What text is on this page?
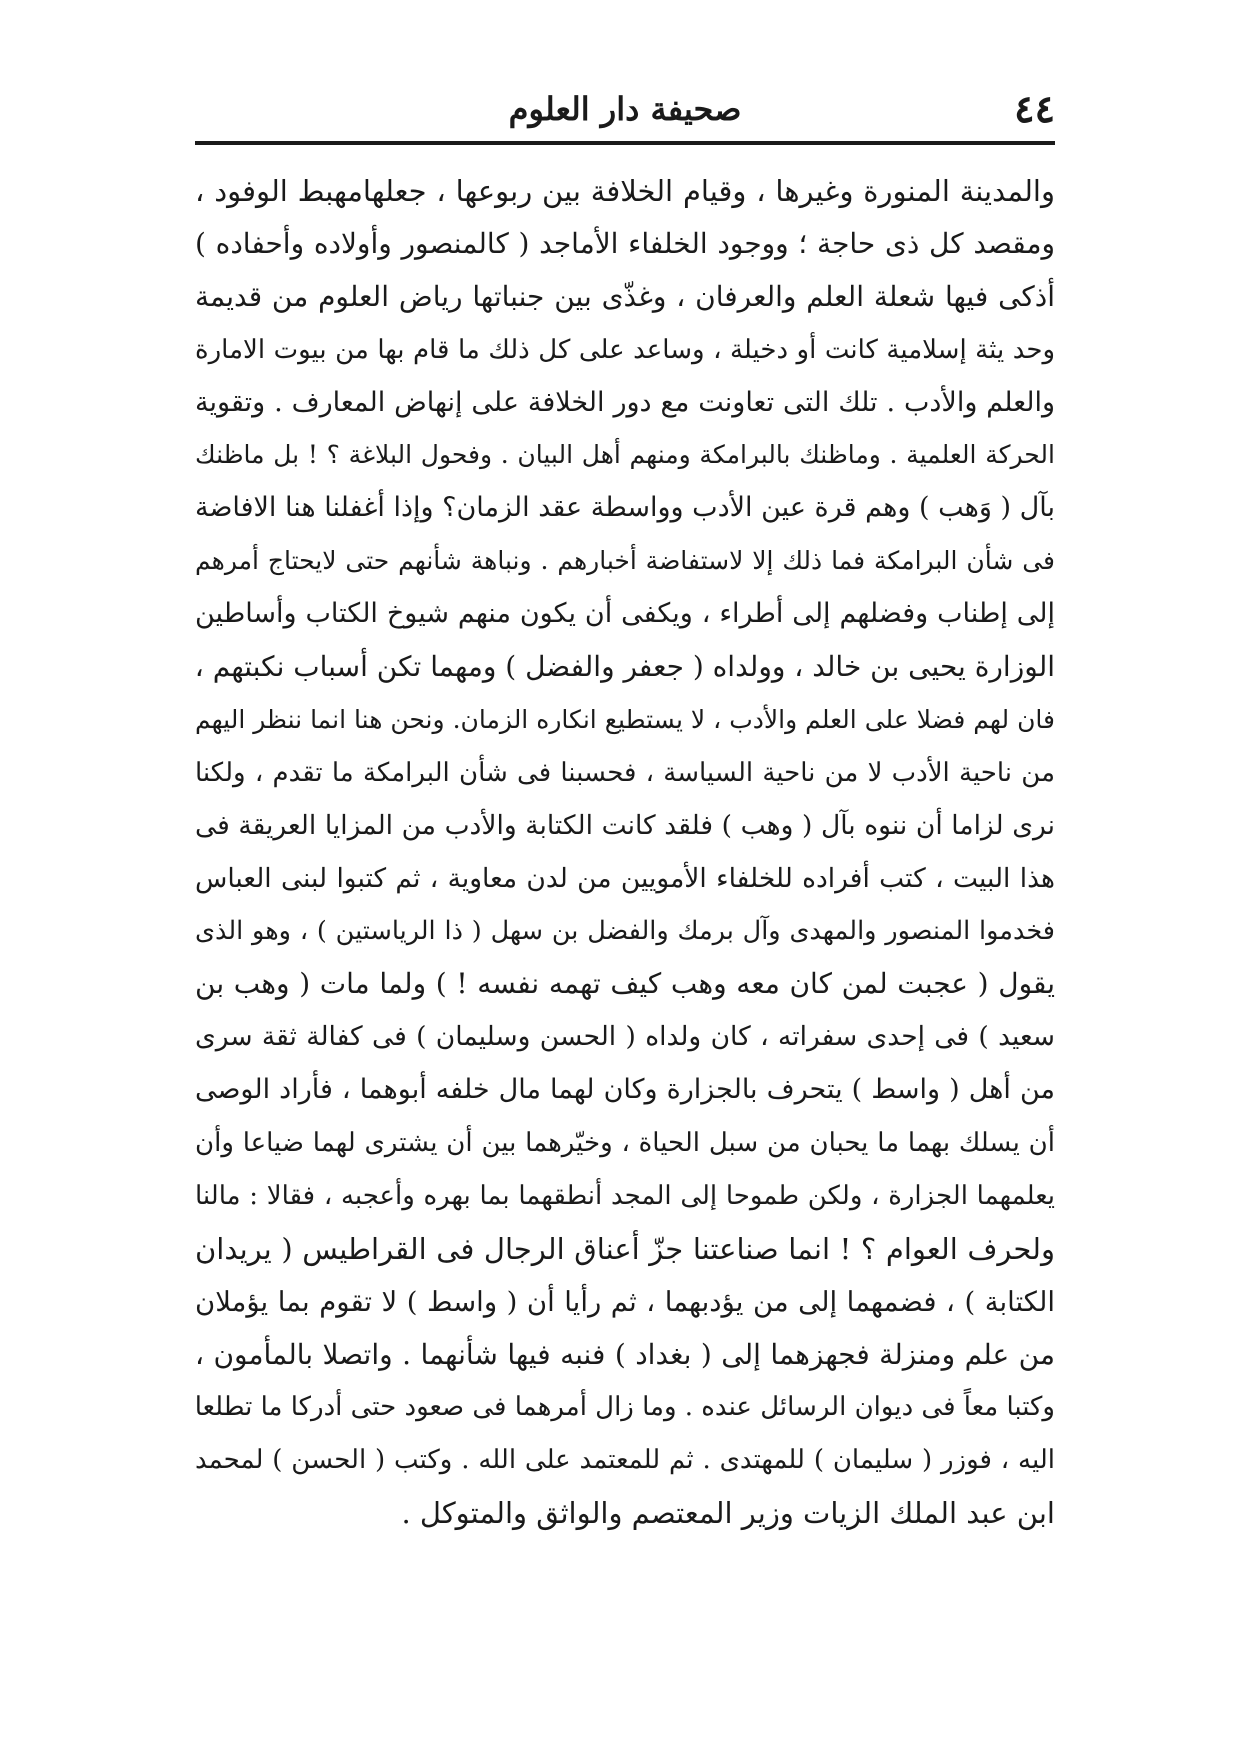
٤٤
صحيفة دار العلوم
والمدينة المنورة وغيرها ، وقيام الخلافة بين ربوعها ، جعلهامهبط الوفود ،
ومقصد كل ذى حاجة ؛ ووجود الخلفاء الأماجد ( كالمنصور وأولاده وأحفاده )
أذكى فيها شعلة العلم والعرفان ، وغذّى بين جنباتها رياض العلوم من قديمة
وحد يثة إسلامية كانت أو دخيلة ، وساعد على كل ذلك ما قام بها من بيوت الامارة
والعلم والأدب . تلك التى تعاونت مع دور الخلافة على إنهاض المعارف . وتقوية
الحركة العلمية . وماظنك بالبرامكة ومنهم أهل البيان . وفحول البلاغة ؟ ! بل ماظنك
بآل ( وَهب ) وهم قرة عين الأدب وواسطة عقد الزمان؟ وإذا أغفلنا هنا الافاضة
فى شأن البرامكة فما ذلك إلا لاستفاضة أخبارهم . ونباهة شأنهم حتى لايحتاج أمرهم
إلى إطناب وفضلهم إلى أطراء ، ويكفى أن يكون منهم شيوخ الكتاب وأساطين
الوزارة يحيى بن خالد ، وولداه ( جعفر والفضل ) ومهما تكن أسباب نكبتهم ،
فان لهم فضلا على العلم والأدب ، لا يستطيع انكاره الزمان. ونحن هنا انما ننظر اليهم
من ناحية الأدب لا من ناحية السياسة ، فحسبنا فى شأن البرامكة ما تقدم ، ولكنا
نرى لزاما أن ننوه بآل ( وهب ) فلقد كانت الكتابة والأدب من المزايا العريقة فى
هذا البيت ، كتب أفراده للخلفاء الأمويين من لدن معاوية ، ثم كتبوا لبنى العباس
فخدموا المنصور والمهدى وآل برمك والفضل بن سهل ( ذا الرياستين ) ، وهو الذى
يقول ( عجبت لمن كان معه وهب كيف تهمه نفسه ! ) ولما مات ( وهب بن
سعيد ) فى إحدى سفراته ، كان ولداه ( الحسن وسليمان ) فى كفالة ثقة سرى
من أهل ( واسط ) يتحرف بالجزارة وكان لهما مال خلفه أبوهما ، فأراد الوصى
أن يسلك بهما ما يحبان من سبل الحياة ، وخيّرهما بين أن يشترى لهما ضياعا وأن
يعلمهما الجزارة ، ولكن طموحا إلى المجد أنطقهما بما بهره وأعجبه ، فقالا : مالنا
ولحرف العوام ؟ ! انما صناعتنا جزّ أعناق الرجال فى القراطيس ( يريدان
الكتابة ) ، فضمهما إلى من يؤدبهما ، ثم رأيا أن ( واسط ) لا تقوم بما يؤملان
من علم ومنزلة فجهزهما إلى ( بغداد ) فنبه فيها شأنهما . واتصلا بالمأمون ،
وكتبا معاً فى ديوان الرسائل عنده . وما زال أمرهما فى صعود حتى أدركا ما تطلعا
اليه ، فوزر ( سليمان ) للمهتدى . ثم للمعتمد على الله . وكتب ( الحسن ) لمحمد
ابن عبد الملك الزيات وزير المعتصم والواثق والمتوكل .
